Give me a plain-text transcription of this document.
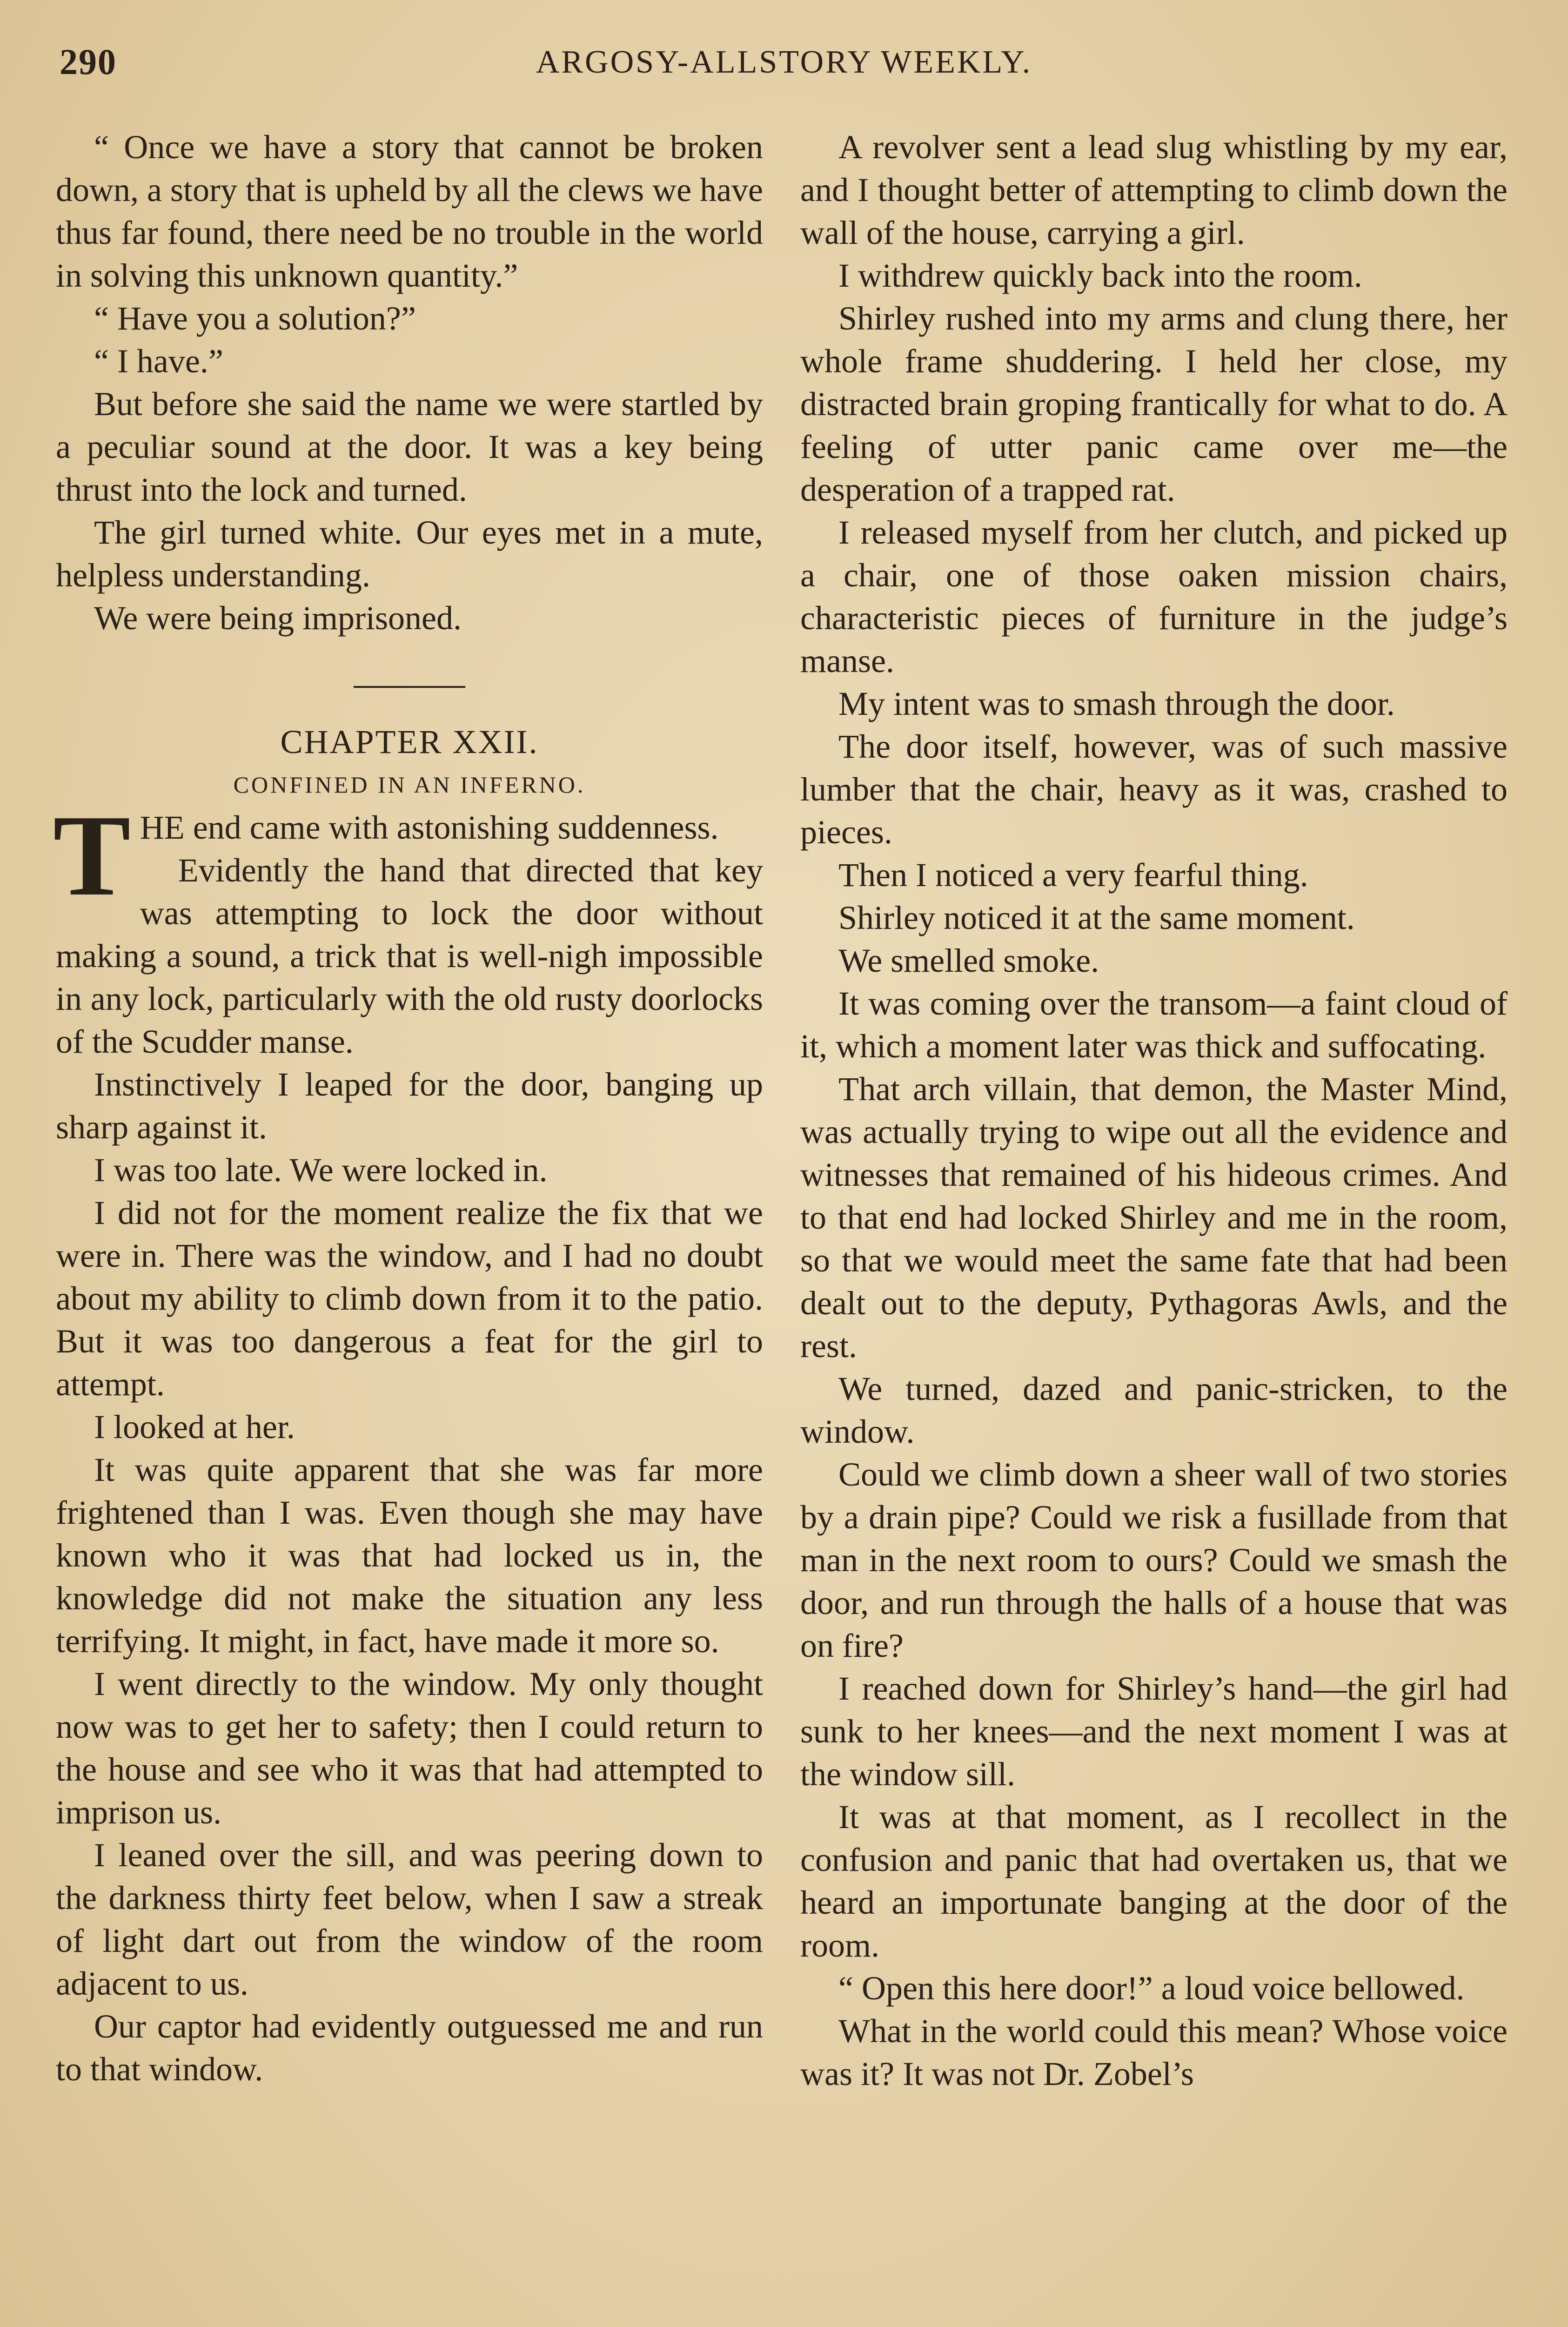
290	ARGOSY-ALLSTORY WEEKLY.

“ Once we have a story that cannot be broken down, a story that is upheld by all the clews we have thus far found, there need be no trouble in the world in solving this unknown quantity.”

“ Have you a solution?”

“ I have.”

But before she said the name we were startled by a peculiar sound at the door. It was a key being thrust into the lock and turned.

The girl turned white. Our eyes met in a mute, helpless understanding.

We were being imprisoned.

CHAPTER XXII.

CONFINED IN AN INFERNO.

THE end came with astonishing suddenness.

Evidently the hand that directed that key was attempting to lock the door without making a sound, a trick that is well-nigh impossible in any lock, particularly with the old rusty doorlocks of the Scudder manse.

Instinctively I leaped for the door, banging up sharp against it.

I was too late. We were locked in.

I did not for the moment realize the fix that we were in. There was the window, and I had no doubt about my ability to climb down from it to the patio. But it was too dangerous a feat for the girl to attempt.

I looked at her.

It was quite apparent that she was far more frightened than I was. Even though she may have known who it was that had locked us in, the knowledge did not make the situation any less terrifying. It might, in fact, have made it more so.

I went directly to the window. My only thought now was to get her to safety; then I could return to the house and see who it was that had attempted to imprison us.

I leaned over the sill, and was peering down to the darkness thirty feet below, when I saw a streak of light dart out from the window of the room adjacent to us.

Our captor had evidently outguessed me and run to that window.

A revolver sent a lead slug whistling by my ear, and I thought better of attempting to climb down the wall of the house, carrying a girl.

I withdrew quickly back into the room.

Shirley rushed into my arms and clung there, her whole frame shuddering. I held her close, my distracted brain groping frantically for what to do. A feeling of utter panic came over me—the desperation of a trapped rat.

I released myself from her clutch, and picked up a chair, one of those oaken mission chairs, characteristic pieces of furniture in the judge’s manse.

My intent was to smash through the door.

The door itself, however, was of such massive lumber that the chair, heavy as it was, crashed to pieces.

Then I noticed a very fearful thing.

Shirley noticed it at the same moment.

We smelled smoke.

It was coming over the transom—a faint cloud of it, which a moment later was thick and suffocating.

That arch villain, that demon, the Master Mind, was actually trying to wipe out all the evidence and witnesses that remained of his hideous crimes. And to that end had locked Shirley and me in the room, so that we would meet the same fate that had been dealt out to the deputy, Pythagoras Awls, and the rest.

We turned, dazed and panic-stricken, to the window.

Could we climb down a sheer wall of two stories by a drain pipe? Could we risk a fusillade from that man in the next room to ours? Could we smash the door, and run through the halls of a house that was on fire?

I reached down for Shirley’s hand—the girl had sunk to her knees—and the next moment I was at the window sill.

It was at that moment, as I recollect in the confusion and panic that had overtaken us, that we heard an importunate banging at the door of the room.

“ Open this here door!” a loud voice bellowed.

What in the world could this mean? Whose voice was it? It was not Dr. Zobel’s
